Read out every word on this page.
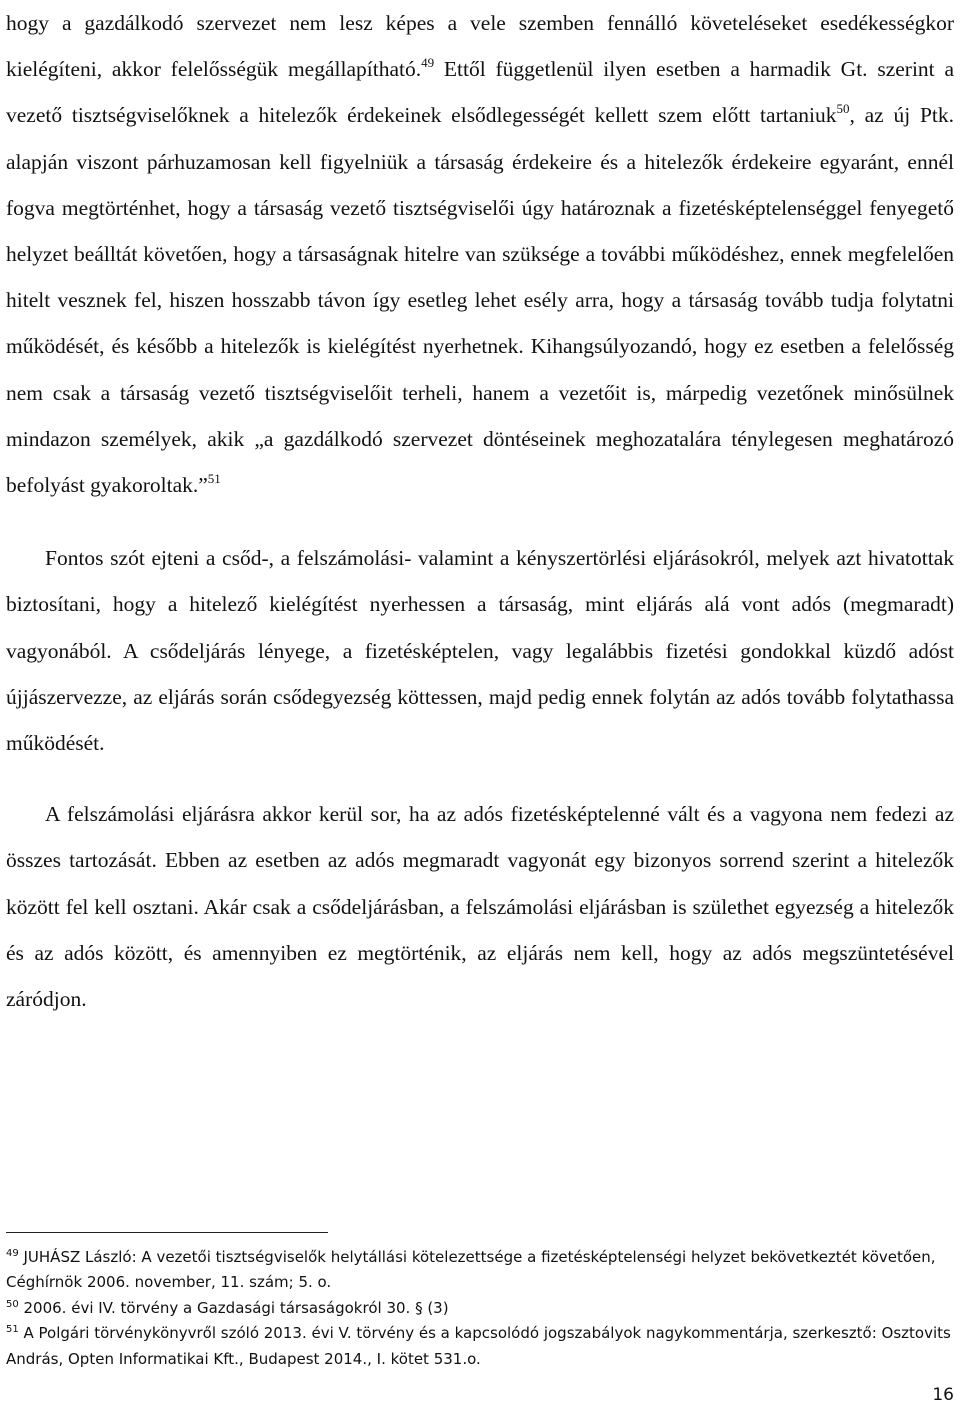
hogy a gazdálkodó szervezet nem lesz képes a vele szemben fennálló követeléseket esedékességkor kielégíteni, akkor felelősségük megállapítható.$^{49}$ Ettől függetlenül ilyen esetben a harmadik Gt. szerint a vezető tisztségviselőknek a hitelezők érdekeinek elsődlegességét kellett szem előtt tartaniuk$^{50}$, az új Ptk. alapján viszont párhuzamosan kell figyelniük a társaság érdekeire és a hitelezők érdekeire egyaránt, ennél fogva megtörténhet, hogy a társaság vezető tisztségviselői úgy határoznak a fizetésképtelenséggel fenyegető helyzet beálltát követően, hogy a társaságnak hitelre van szüksége a további működéshez, ennek megfelelően hitelt vesznek fel, hiszen hosszabb távon így esetleg lehet esély arra, hogy a társaság tovább tudja folytatni működését, és később a hitelezők is kielégítést nyerhetnek. Kihangsúlyozandó, hogy ez esetben a felelősség nem csak a társaság vezető tisztségviselőit terheli, hanem a vezetőit is, márpedig vezetőnek minősülnek mindazon személyek, akik „a gazdálkodó szervezet döntéseinek meghozatalára ténylegesen meghatározó befolyást gyakoroltak.”$^{51}$

Fontos szót ejteni a csőd-, a felszámolási- valamint a kényszertörlési eljárásokról, melyek azt hivatottak biztosítani, hogy a hitelező kielégítést nyerhessen a társaság, mint eljárás alá vont adós (megmaradt) vagyonából. A csődeljárás lényege, a fizetésképtelen, vagy legalábbis fizetési gondokkal küzdő adóst újjászervezze, az eljárás során csődegyezség köttessen, majd pedig ennek folytán az adós tovább folytathassa működését.

A felszámolási eljárásra akkor kerül sor, ha az adós fizetésképtelenné vált és a vagyona nem fedezi az összes tartozását. Ebben az esetben az adós megmaradt vagyonát egy bizonyos sorrend szerint a hitelezők között fel kell osztani. Akár csak a csődeljárásban, a felszámolási eljárásban is születhet egyezség a hitelezők és az adós között, és amennyiben ez megtörténik, az eljárás nem kell, hogy az adós megszüntetésével záródjon.

$^{49}$ JUHÁSZ László: A vezetői tisztségviselők helytállási kötelezettsége a fizetésképtelenségi helyzet bekövetkeztét követően, Céghírnök 2006. november, 11. szám; 5. o.

$^{50}$ 2006. évi IV. törvény a Gazdasági társaságokról 30. § (3)

$^{51}$ A Polgári törvénykönyvről szóló 2013. évi V. törvény és a kapcsolódó jogszabályok nagykommentárja, szerkesztő: Osztovits András, Opten Informatikai Kft., Budapest 2014., I. kötet 531.o.

16
